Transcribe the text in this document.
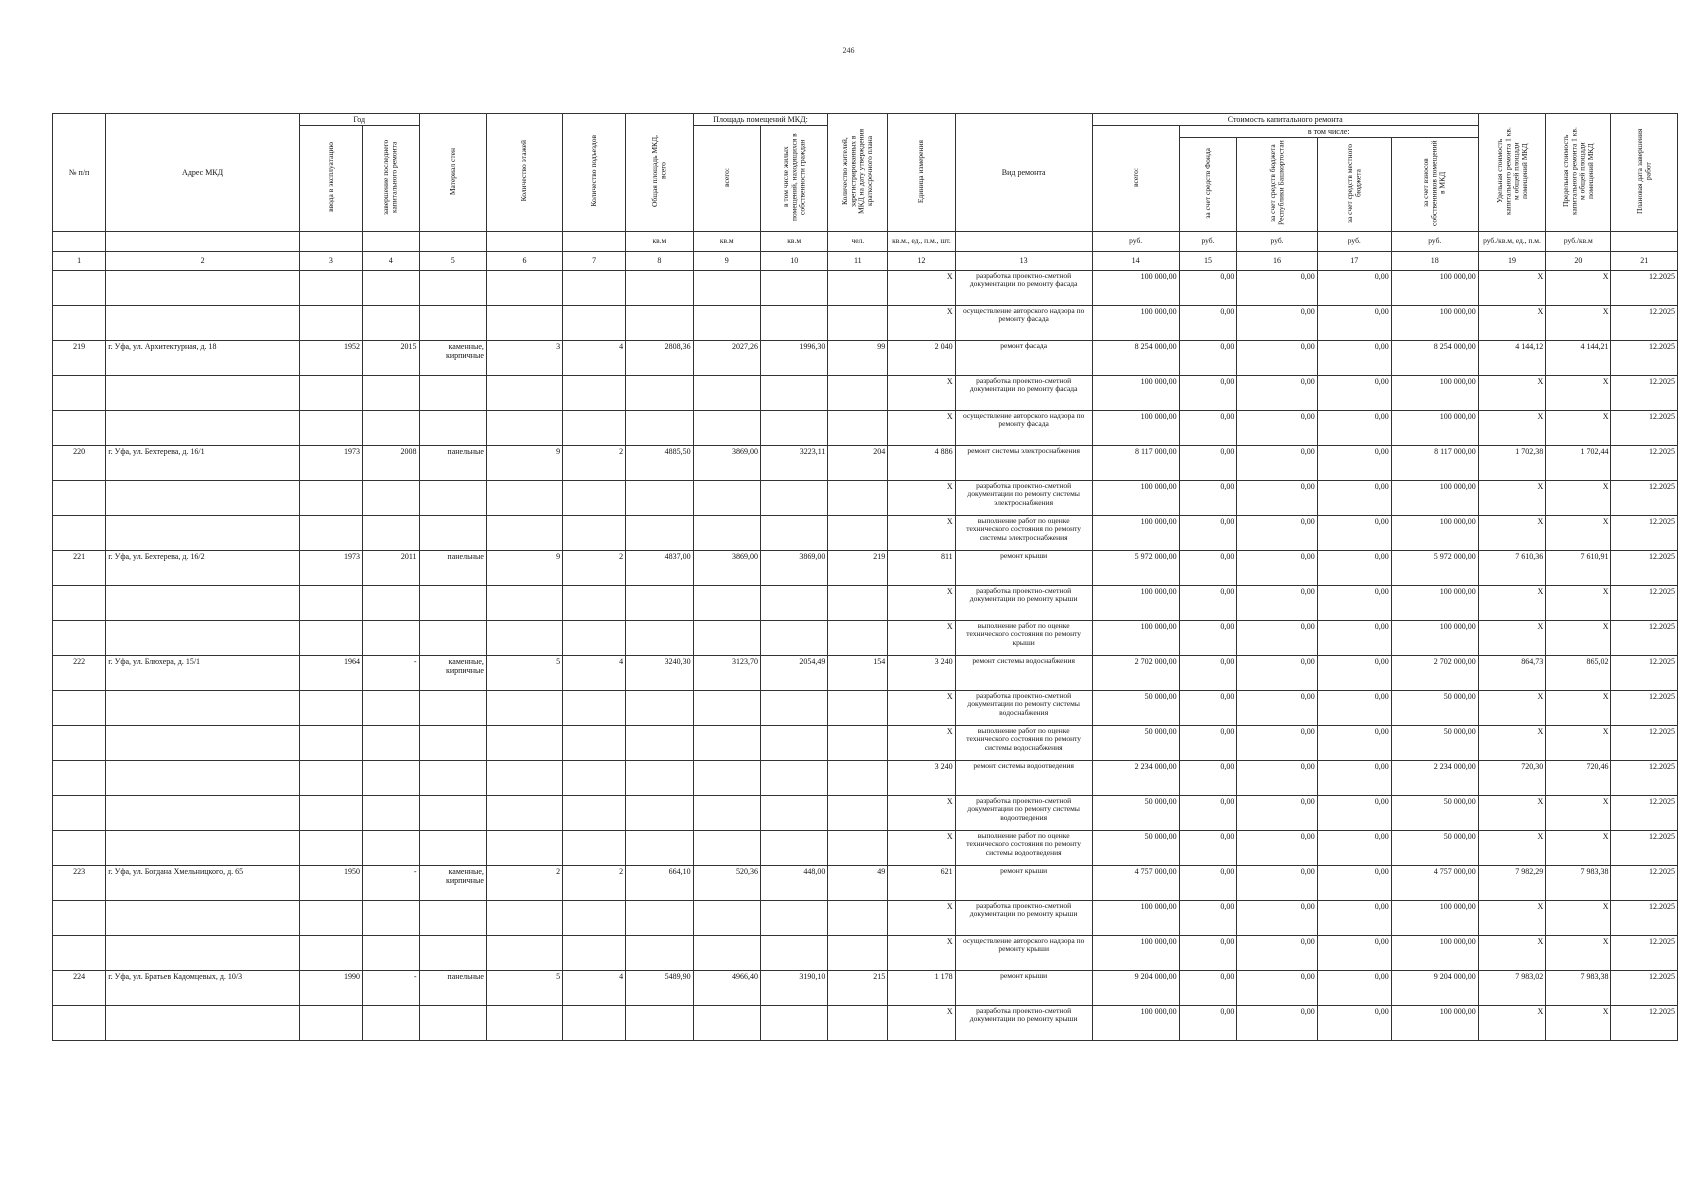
246
№ п/п	Адрес МКД	Год		Материал стен	Количество этажей	Количество подъездов	Общая площадь МКД, всего	Площадь помещений МКД:		Количество жителей, зарегистрированных в МКД на дату утверждения краткосрочного плана	Единица измерения	Вид ремонта	Стоимость капитального ремонта					Удельная стоимость капитального ремонта 1 кв. м общей площади помещений МКД	Предельная стоимость капитального ремонта 1 кв. м общей площади помещений МКД	Плановая дата завершения работ
		ввода в эксплуатацию	завершение последнего капитального ремонта					всего:	в том числе жилых помещений, находящихся в собственности граждан				всего:	в том числе:						
														за счет средств Фонда	за счет средств бюджета Республики Башкортостан	за счет средств местного бюджета	за счет взносов собственников помещений в МКД			
							кв.м	кв.м	кв.м	чел.	кв.м., ед., п.м., шт.		руб.	руб.	руб.	руб.	руб.	руб./кв.м, ед., п.м.	руб./кв.м	
1	2	3	4	5	6	7	8	9	10	11	12	13	14	15	16	17	18	19	20	21
											X	разработка проектно-сметной документации по ремонту фасада	100 000,00	0,00	0,00	0,00	100 000,00	X	X	12.2025
											X	осуществление авторского надзора по ремонту фасада	100 000,00	0,00	0,00	0,00	100 000,00	X	X	12.2025
219	г. Уфа, ул. Архитектурная, д. 18	1952	2015	каменные, кирпичные	3	4	2808,36	2027,26	1996,30	99	2 040	ремонт фасада	8 254 000,00	0,00	0,00	0,00	8 254 000,00	4 144,12	4 144,21	12.2025
											X	разработка проектно-сметной документации по ремонту фасада	100 000,00	0,00	0,00	0,00	100 000,00	X	X	12.2025
											X	осуществление авторского надзора по ремонту фасада	100 000,00	0,00	0,00	0,00	100 000,00	X	X	12.2025
220	г. Уфа, ул. Бехтерева, д. 16/1	1973	2008	панельные	9	2	4885,50	3869,00	3223,11	204	4 886	ремонт системы электроснабжения	8 117 000,00	0,00	0,00	0,00	8 117 000,00	1 702,38	1 702,44	12.2025
											X	разработка проектно-сметной документации по ремонту системы электроснабжения	100 000,00	0,00	0,00	0,00	100 000,00	X	X	12.2025
											X	выполнение работ по оценке технического состояния по ремонту системы электроснабжения	100 000,00	0,00	0,00	0,00	100 000,00	X	X	12.2025
221	г. Уфа, ул. Бехтерева, д. 16/2	1973	2011	панельные	9	2	4837,00	3869,00	3869,00	219	811	ремонт крыши	5 972 000,00	0,00	0,00	0,00	5 972 000,00	7 610,36	7 610,91	12.2025
											X	разработка проектно-сметной документации по ремонту крыши	100 000,00	0,00	0,00	0,00	100 000,00	X	X	12.2025
											X	выполнение работ по оценке технического состояния по ремонту крыши	100 000,00	0,00	0,00	0,00	100 000,00	X	X	12.2025
222	г. Уфа, ул. Блюхера, д. 15/1	1964	-	каменные, кирпичные	5	4	3240,30	3123,70	2054,49	154	3 240	ремонт системы водоснабжения	2 702 000,00	0,00	0,00	0,00	2 702 000,00	864,73	865,02	12.2025
											X	разработка проектно-сметной документации по ремонту системы водоснабжения	50 000,00	0,00	0,00	0,00	50 000,00	X	X	12.2025
											X	выполнение работ по оценке технического состояния по ремонту системы водоснабжения	50 000,00	0,00	0,00	0,00	50 000,00	X	X	12.2025
											3 240	ремонт системы водоотведения	2 234 000,00	0,00	0,00	0,00	2 234 000,00	720,30	720,46	12.2025
											X	разработка проектно-сметной документации по ремонту системы водоотведения	50 000,00	0,00	0,00	0,00	50 000,00	X	X	12.2025
											X	выполнение работ по оценке технического состояния по ремонту системы водоотведения	50 000,00	0,00	0,00	0,00	50 000,00	X	X	12.2025
223	г. Уфа, ул. Богдана Хмельницкого, д. 65	1950	-	каменные, кирпичные	2	2	664,10	520,36	448,00	49	621	ремонт крыши	4 757 000,00	0,00	0,00	0,00	4 757 000,00	7 982,29	7 983,38	12.2025
											X	разработка проектно-сметной документации по ремонту крыши	100 000,00	0,00	0,00	0,00	100 000,00	X	X	12.2025
											X	осуществление авторского надзора по ремонту крыши	100 000,00	0,00	0,00	0,00	100 000,00	X	X	12.2025
224	г. Уфа, ул. Братьев Кадомцевых, д. 10/3	1990	-	панельные	5	4	5489,90	4966,40	3190,10	215	1 178	ремонт крыши	9 204 000,00	0,00	0,00	0,00	9 204 000,00	7 983,02	7 983,38	12.2025
											X	разработка проектно-сметной документации по ремонту крыши	100 000,00	0,00	0,00	0,00	100 000,00	X	X	12.2025
